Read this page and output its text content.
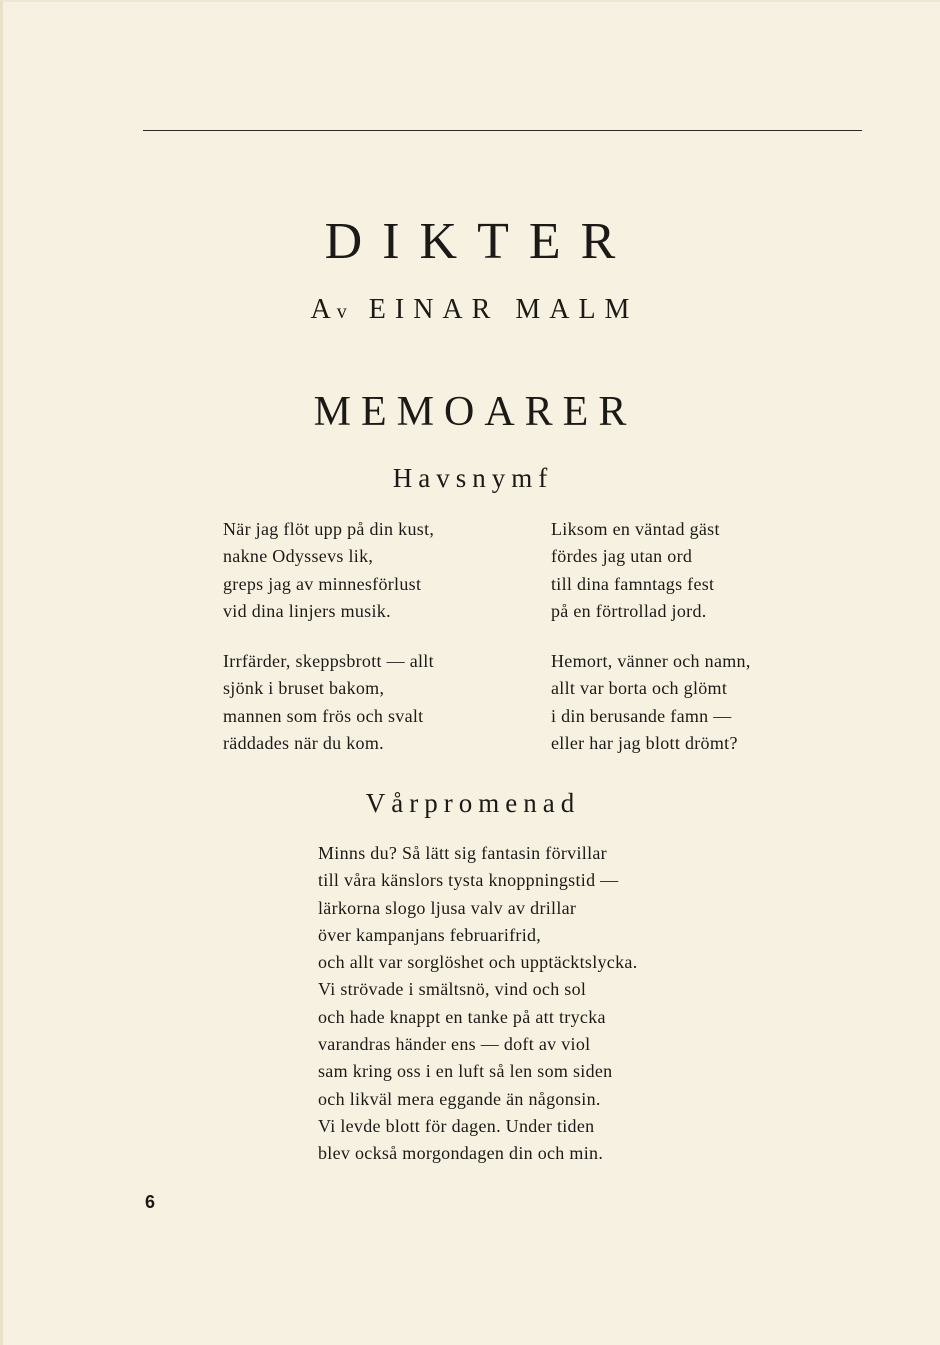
DIKTER
Av EINAR MALM
MEMOARER
Havsnymf
När jag flöt upp på din kust,
nakne Odyssevs lik,
greps jag av minnesförlust
vid dina linjers musik.
Liksom en väntad gäst
fördes jag utan ord
till dina famntags fest
på en förtrollad jord.
Irrfärder, skeppsbrott — allt
sjönk i bruset bakom,
mannen som frös och svalt
räddades när du kom.
Hemort, vänner och namn,
allt var borta och glömt
i din berusande famn —
eller har jag blott drömt?
Vårpromenad
Minns du? Så lätt sig fantasin förvillar
till våra känslors tysta knoppningstid —
lärkorna slogo ljusa valv av drillar
över kampanjans februarifrid,
och allt var sorglöshet och upptäcktslycka.
Vi strövade i smältsnö, vind och sol
och hade knappt en tanke på att trycka
varandras händer ens — doft av viol
sam kring oss i en luft så len som siden
och likväl mera eggande än någonsin.
Vi levde blott för dagen. Under tiden
blev också morgondagen din och min.
6
